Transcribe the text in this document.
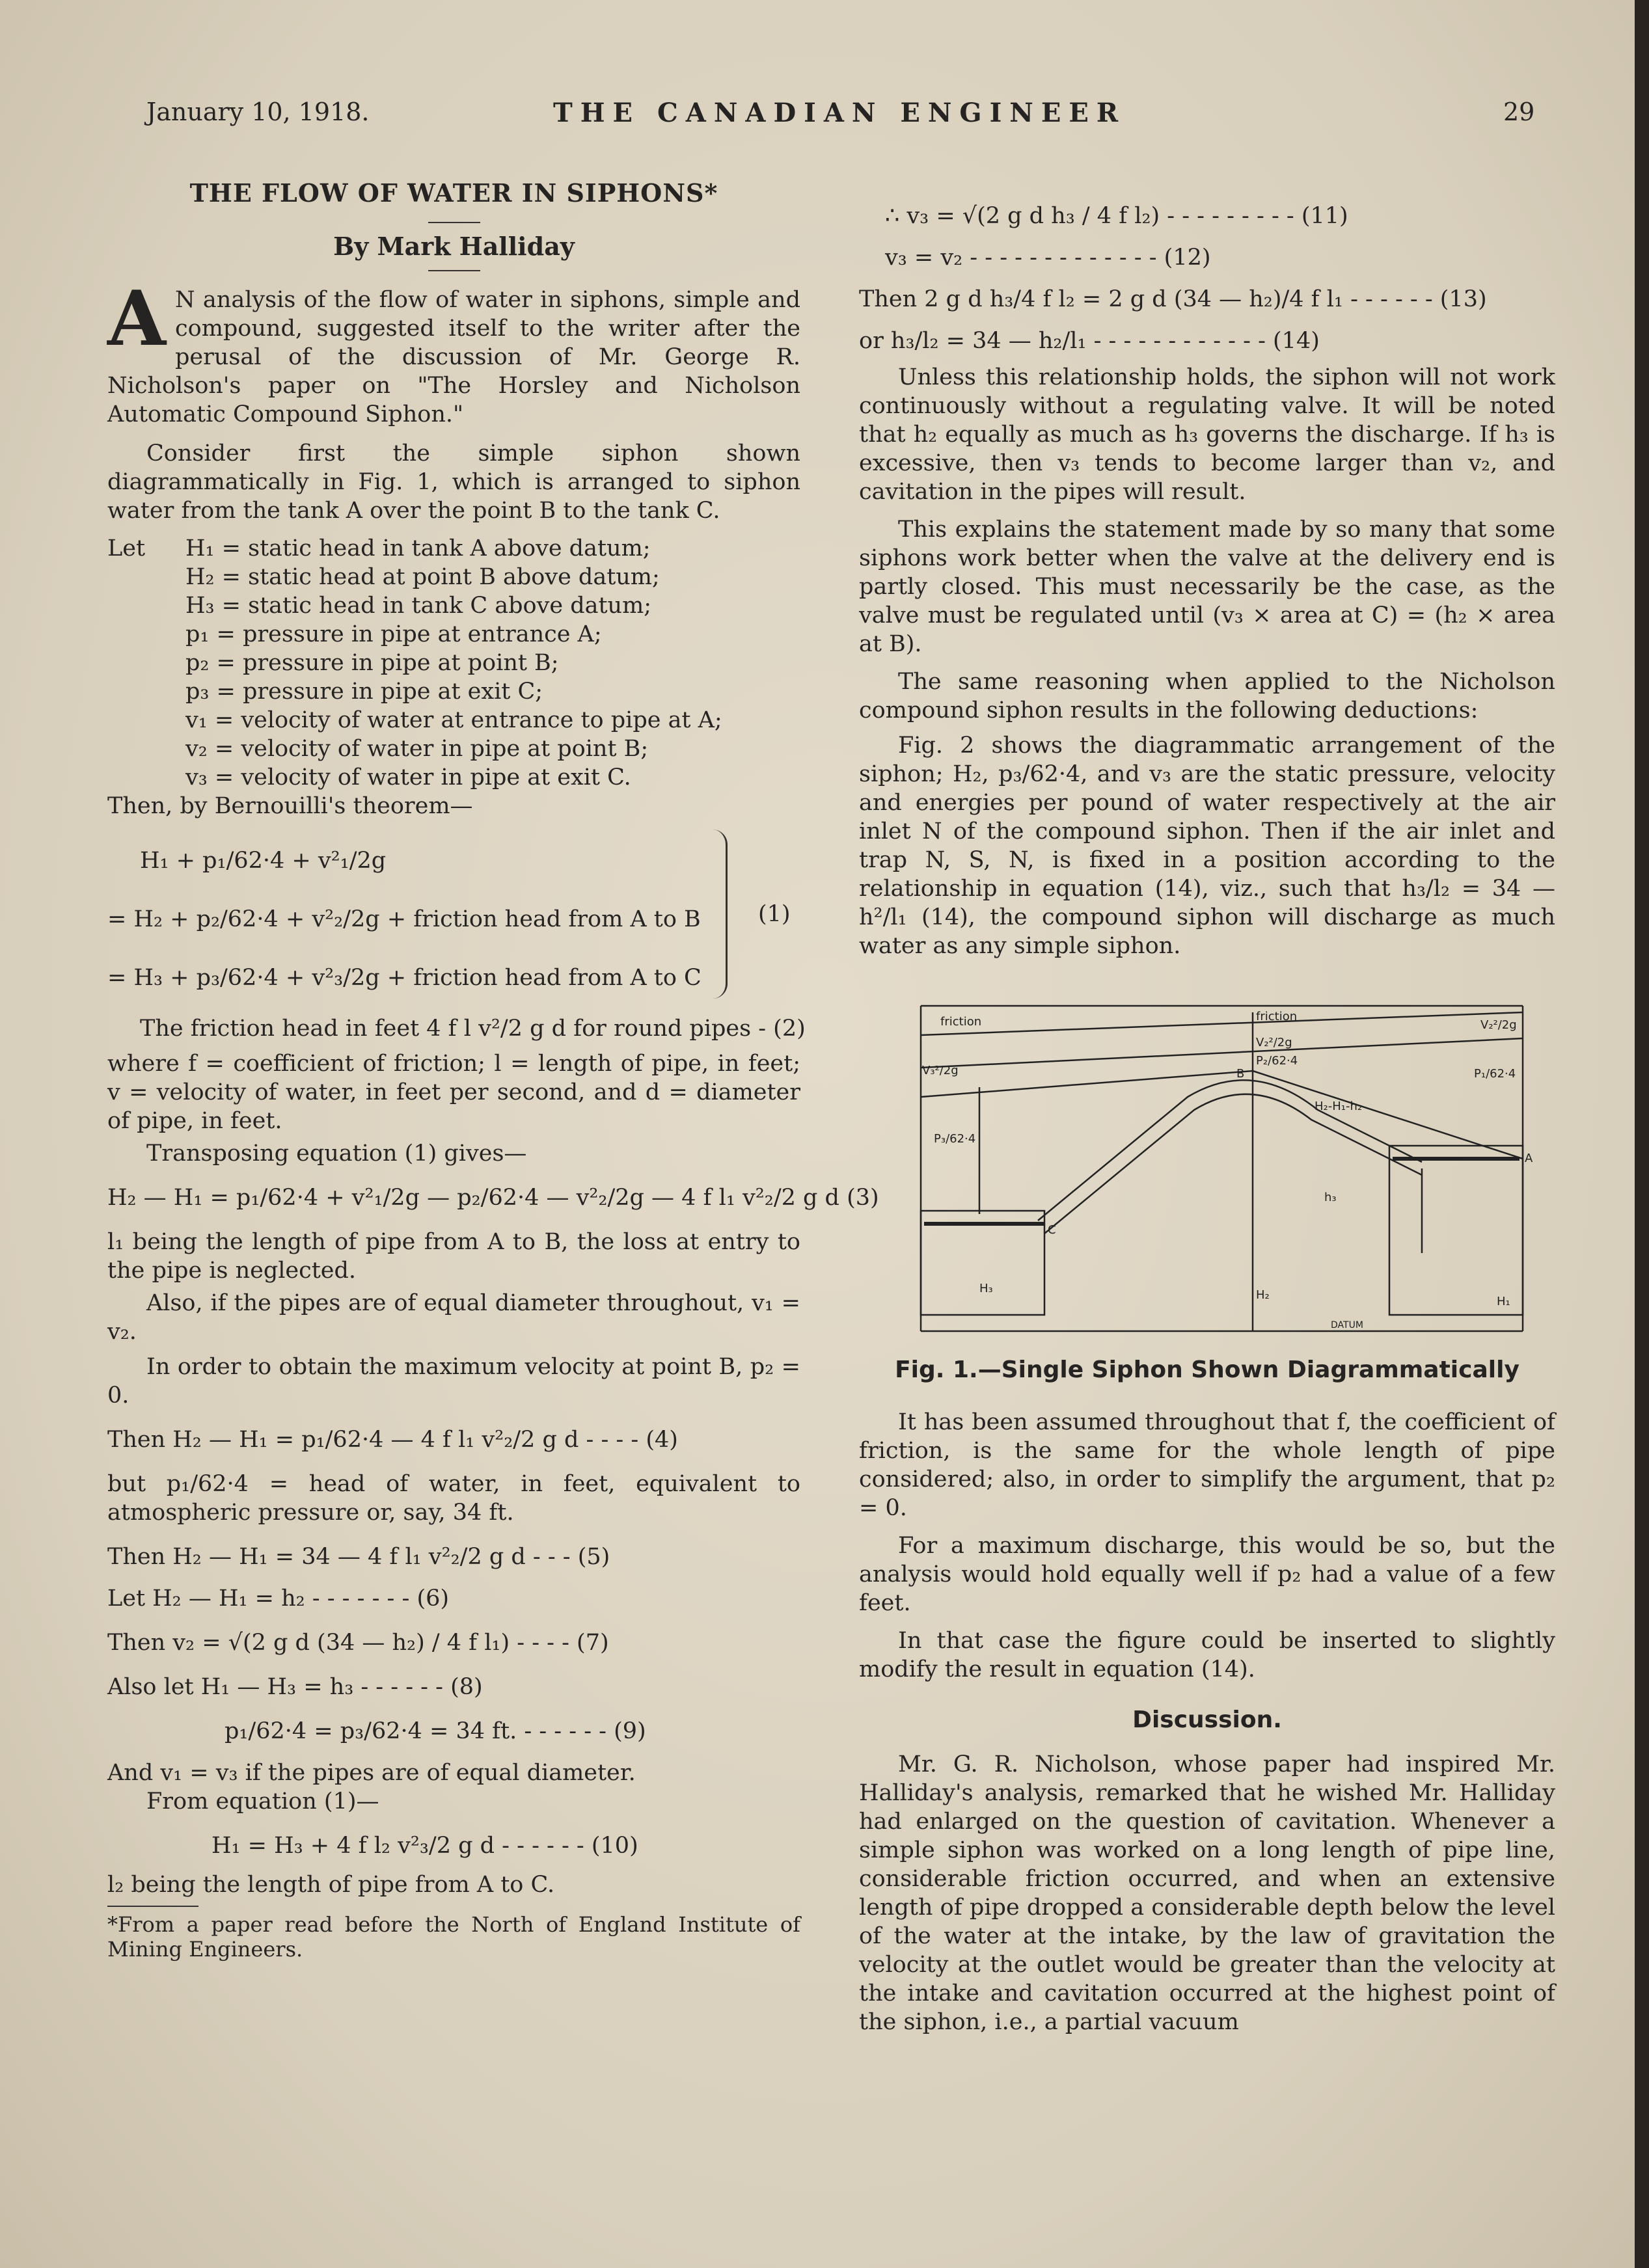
January 10, 1918.	THE CANADIAN ENGINEER	29
THE FLOW OF WATER IN SIPHONS*
By Mark Halliday

A N analysis of the flow of water in siphons, simple and compound, suggested itself to the writer after the perusal of the discussion of Mr. George R. Nicholson's paper on "The Horsley and Nicholson Automatic Compound Siphon."

Consider first the simple siphon shown diagrammatically in Fig. 1, which is arranged to siphon water from the tank A over the point B to the tank C.

Let H₁ = static head in tank A above datum;
H₂ = static head at point B above datum;
H₃ = static head in tank C above datum;
p₁ = pressure in pipe at entrance A;
p₂ = pressure in pipe at point B;
p₃ = pressure in pipe at exit C;
v₁ = velocity of water at entrance to pipe at A;
v₂ = velocity of water in pipe at point B;
v₃ = velocity of water in pipe at exit C.

Then, by Bernouilli's theorem—

H₁ + p₁/62·4 + v²₁/2g
= H₂ + p₂/62·4 + v²₂/2g + friction head from A to B
= H₃ + p₃/62·4 + v²₃/2g + friction head from A to C
(1)
The friction head in feet 4 f l v²/2 g d for round pipes - (2)

where f = coefficient of friction; l = length of pipe, in feet; v = velocity of water, in feet per second, and d = diameter of pipe, in feet.

Transposing equation (1) gives—

H₂ — H₁ = p₁/62·4 + v²₁/2g — p₂/62·4 — v²₂/2g — 4 f l₁ v²₂/2 g d (3)

l₁ being the length of pipe from A to B, the loss at entry to the pipe is neglected.

Also, if the pipes are of equal diameter throughout, v₁ = v₂.

In order to obtain the maximum velocity at point B, p₂ = 0.

Then H₂ — H₁ = p₁/62·4 — 4 f l₁ v²₂/2 g d - - - - (4)

but p₁/62·4 = head of water, in feet, equivalent to atmospheric pressure or, say, 34 ft.

Then H₂ — H₁ = 34 — 4 f l₁ v²₂/2 g d - - - (5)
Let H₂ — H₁ = h₂ - - - - - - - (6)
Then v₂ = √(2 g d (34 — h₂) / 4 f l₁) - - - - (7)
Also let H₁ — H₃ = h₃ - - - - - - (8)
p₁/62·4 = p₃/62·4 = 34 ft. - - - - - - (9)

And v₁ = v₃ if the pipes are of equal diameter.

From equation (1)—

H₁ = H₃ + 4 f l₂ v²₃/2 g d - - - - - - (10)

l₂ being the length of pipe from A to C.

*From a paper read before the North of England Institute of Mining Engineers.

∴ v₃ = √(2 g d h₃ / 4 f l₂) - - - - - - - - - (11)
v₃ = v₂ - - - - - - - - - - - - - (12)
Then 2 g d h₃/4 f l₂ = 2 g d (34 — h₂)/4 f l₁ - - - - - - (13)
or h₃/l₂ = 34 — h₂/l₁ - - - - - - - - - - - - (14)

Unless this relationship holds, the siphon will not work continuously without a regulating valve. It will be noted that h₂ equally as much as h₃ governs the discharge. If h₃ is excessive, then v₃ tends to become larger than v₂, and cavitation in the pipes will result.

This explains the statement made by so many that some siphons work better when the valve at the delivery end is partly closed. This must necessarily be the case, as the valve must be regulated until (v₃ × area at C) = (h₂ × area at B).

The same reasoning when applied to the Nicholson compound siphon results in the following deductions:

Fig. 2 shows the diagrammatic arrangement of the siphon; H₂, p₃/62·4, and v₃ are the static pressure, velocity and energies per pound of water respectively at the air inlet N of the compound siphon. Then if the air inlet and trap N, S, N, is fixed in a position according to the relationship in equation (14), viz., such that h₃/l₂ = 34 — h²/l₁ (14), the compound siphon will discharge as much water as any simple siphon.

friction	friction
V₂²/2g
V₂²/2g
P₂/62·4
P₁/62·4
V₃²/2g
P₃/62·4
B
H₂-H₁-h₂
h₃
A
C
H₃	H₂	H₁
DATUM
Fig. 1.—Single Siphon Shown Diagrammatically

It has been assumed throughout that f, the coefficient of friction, is the same for the whole length of pipe considered; also, in order to simplify the argument, that p₂ = 0.

For a maximum discharge, this would be so, but the analysis would hold equally well if p₂ had a value of a few feet.

In that case the figure could be inserted to slightly modify the result in equation (14).

Discussion.

Mr. G. R. Nicholson, whose paper had inspired Mr. Halliday's analysis, remarked that he wished Mr. Halliday had enlarged on the question of cavitation. Whenever a simple siphon was worked on a long length of pipe line, considerable friction occurred, and when an extensive length of pipe dropped a considerable depth below the level of the water at the intake, by the law of gravitation the velocity at the outlet would be greater than the velocity at the intake and cavitation occurred at the highest point of the siphon, i.e., a partial vacuum
